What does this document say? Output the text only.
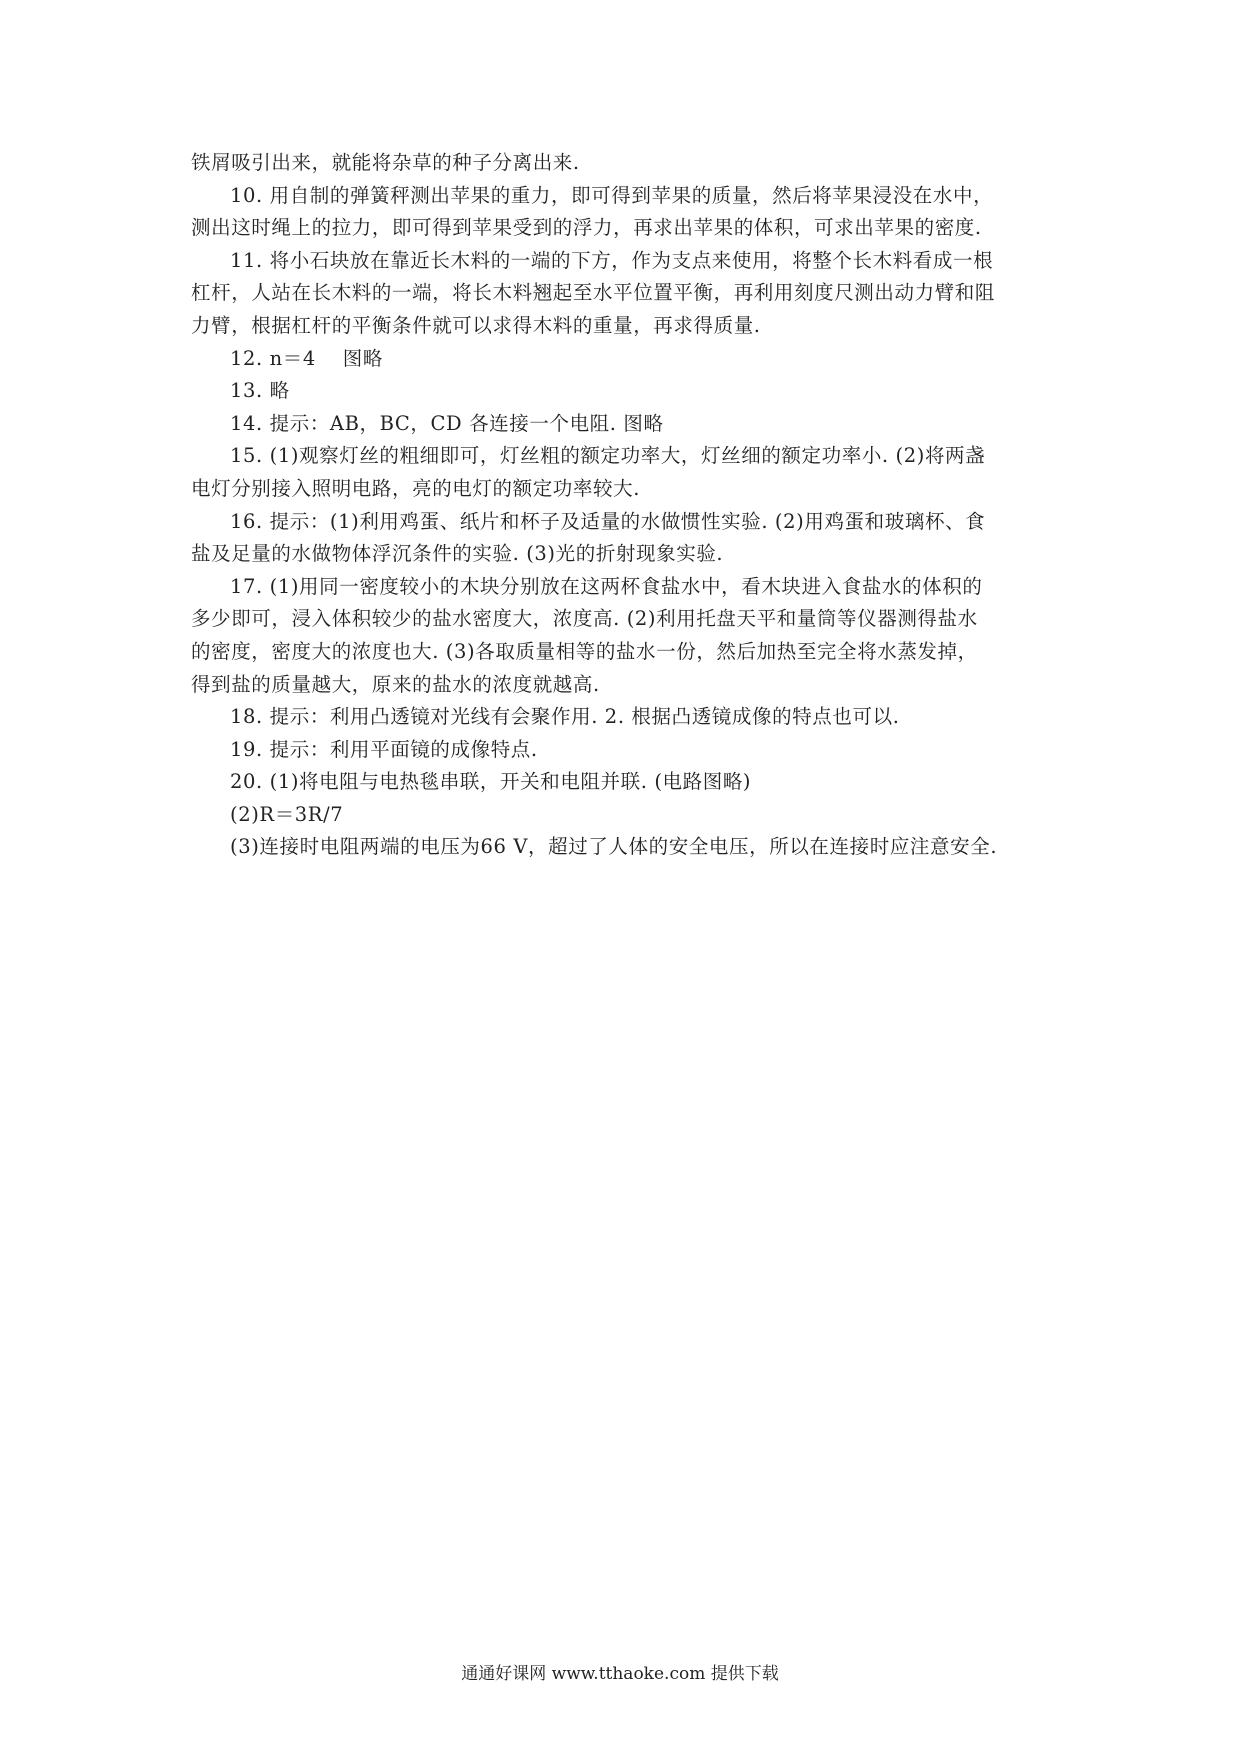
铁屑吸引出来，就能将杂草的种子分离出来.
10. 用自制的弹簧秤测出苹果的重力，即可得到苹果的质量，然后将苹果浸没在水中，
测出这时绳上的拉力，即可得到苹果受到的浮力，再求出苹果的体积，可求出苹果的密度.
11. 将小石块放在靠近长木料的一端的下方，作为支点来使用，将整个长木料看成一根
杠杆，人站在长木料的一端，将长木料翘起至水平位置平衡，再利用刻度尺测出动力臂和阻
力臂，根据杠杆的平衡条件就可以求得木料的重量，再求得质量.
12. n＝4　 图略
13. 略
14. 提示：AB，BC，CD 各连接一个电阻. 图略
15. (1)观察灯丝的粗细即可，灯丝粗的额定功率大，灯丝细的额定功率小. (2)将两盏
电灯分别接入照明电路，亮的电灯的额定功率较大.
16. 提示：(1)利用鸡蛋、纸片和杯子及适量的水做惯性实验. (2)用鸡蛋和玻璃杯、食
盐及足量的水做物体浮沉条件的实验. (3)光的折射现象实验.
17. (1)用同一密度较小的木块分别放在这两杯食盐水中，看木块进入食盐水的体积的
多少即可，浸入体积较少的盐水密度大，浓度高. (2)利用托盘天平和量筒等仪器测得盐水
的密度，密度大的浓度也大. (3)各取质量相等的盐水一份，然后加热至完全将水蒸发掉，
得到盐的质量越大，原来的盐水的浓度就越高.
18. 提示：利用凸透镜对光线有会聚作用. 2. 根据凸透镜成像的特点也可以.
19. 提示：利用平面镜的成像特点.
20. (1)将电阻与电热毯串联，开关和电阻并联. (电路图略)
(2)R＝3R/7
(3)连接时电阻两端的电压为66 V，超过了人体的安全电压，所以在连接时应注意安全.
通通好课网 www.tthaoke.com 提供下载
